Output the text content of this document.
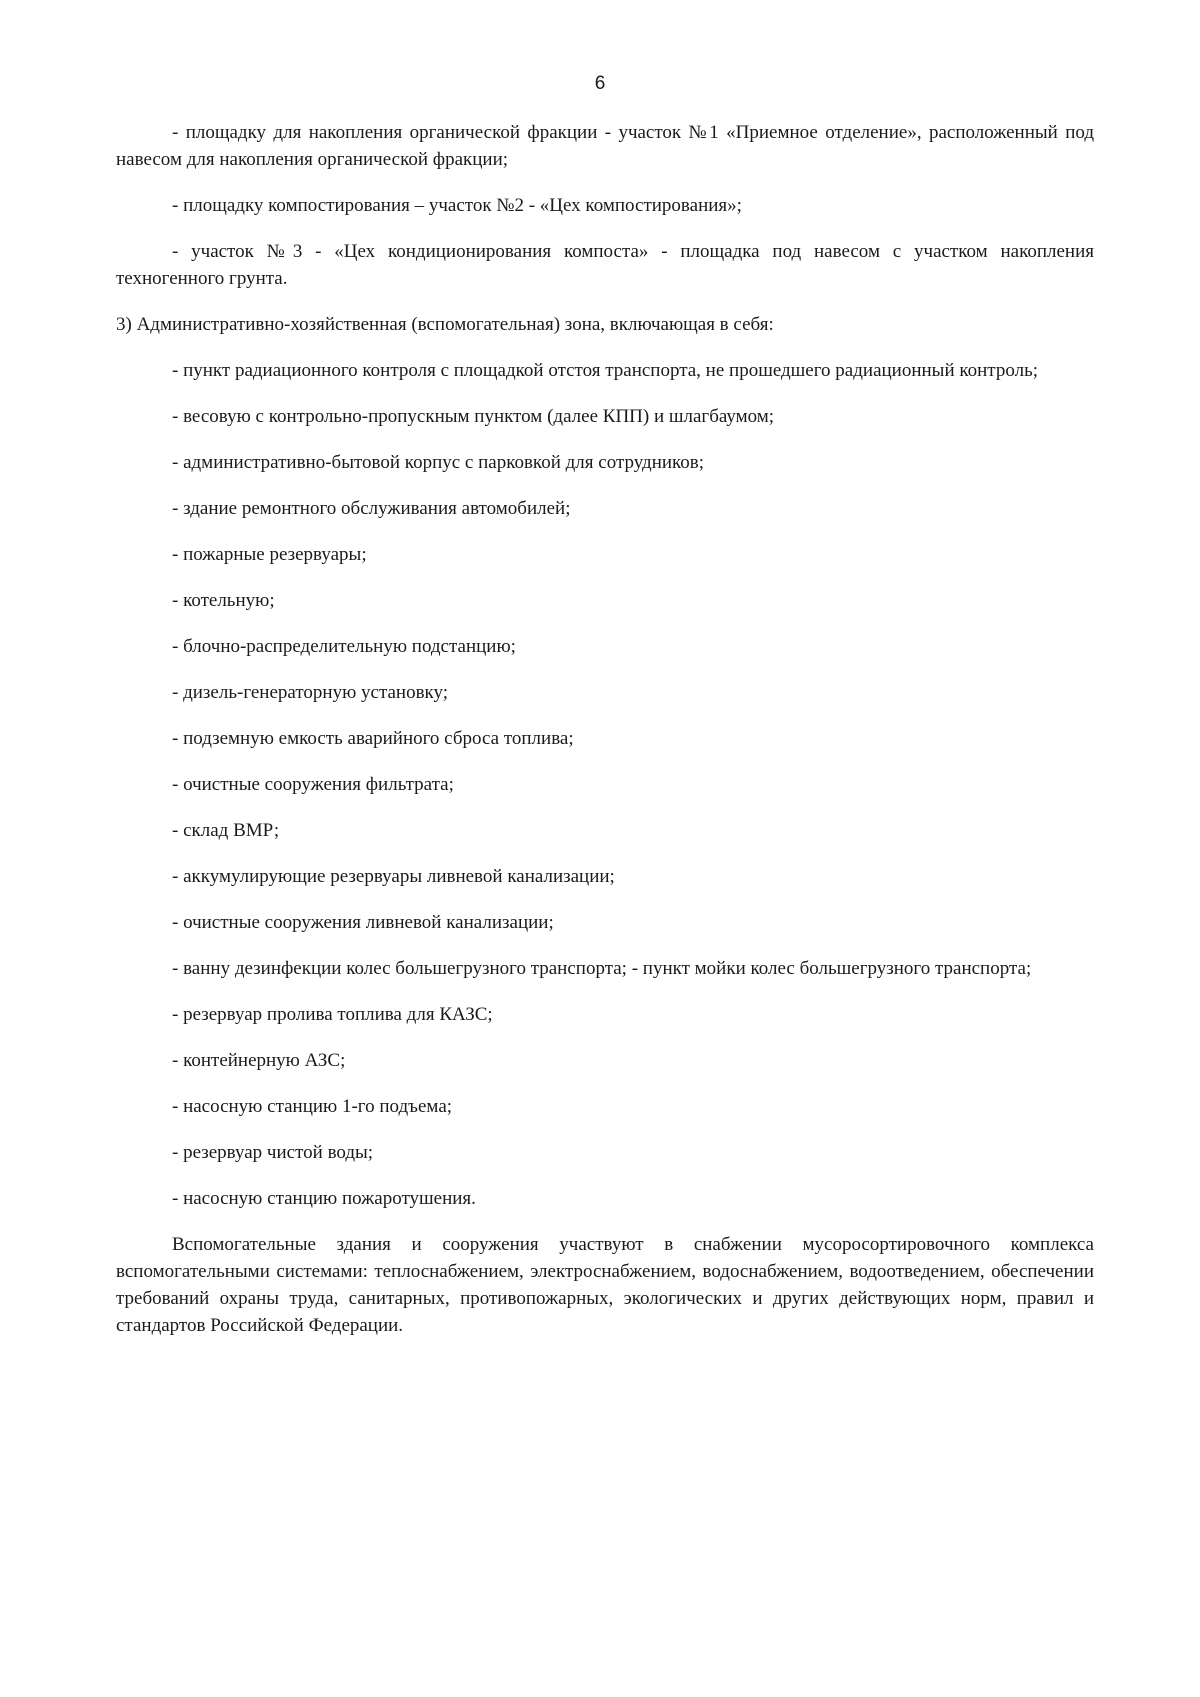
6

- площадку для накопления органической фракции - участок №1 «Приемное отделение», расположенный под навесом для накопления органической фракции;

- площадку компостирования – участок №2 - «Цех компостирования»;

- участок №3 - «Цех кондиционирования компоста» - площадка под навесом с участком накопления техногенного грунта.

3) Административно-хозяйственная (вспомогательная) зона, включающая в себя:

- пункт радиационного контроля с площадкой отстоя транспорта, не прошедшего радиационный контроль;

- весовую с контрольно-пропускным пунктом (далее КПП) и шлагбаумом;

- административно-бытовой корпус с парковкой для сотрудников;

- здание ремонтного обслуживания автомобилей;

- пожарные резервуары;

- котельную;

- блочно-распределительную подстанцию;

- дизель-генераторную установку;

- подземную емкость аварийного сброса топлива;

- очистные сооружения фильтрата;

- склад ВМР;

- аккумулирующие резервуары ливневой канализации;

- очистные сооружения ливневой канализации;

- ванну дезинфекции колес большегрузного транспорта; - пункт мойки колес большегрузного транспорта;

- резервуар пролива топлива для КАЗС;

- контейнерную АЗС;

- насосную станцию 1-го подъема;

- резервуар чистой воды;

- насосную станцию пожаротушения.

Вспомогательные здания и сооружения участвуют в снабжении мусоросортировочного комплекса вспомогательными системами: теплоснабжением, электроснабжением, водоснабжением, водоотведением, обеспечении требований охраны труда, санитарных, противопожарных, экологических и других действующих норм, правил и стандартов Российской Федерации.
